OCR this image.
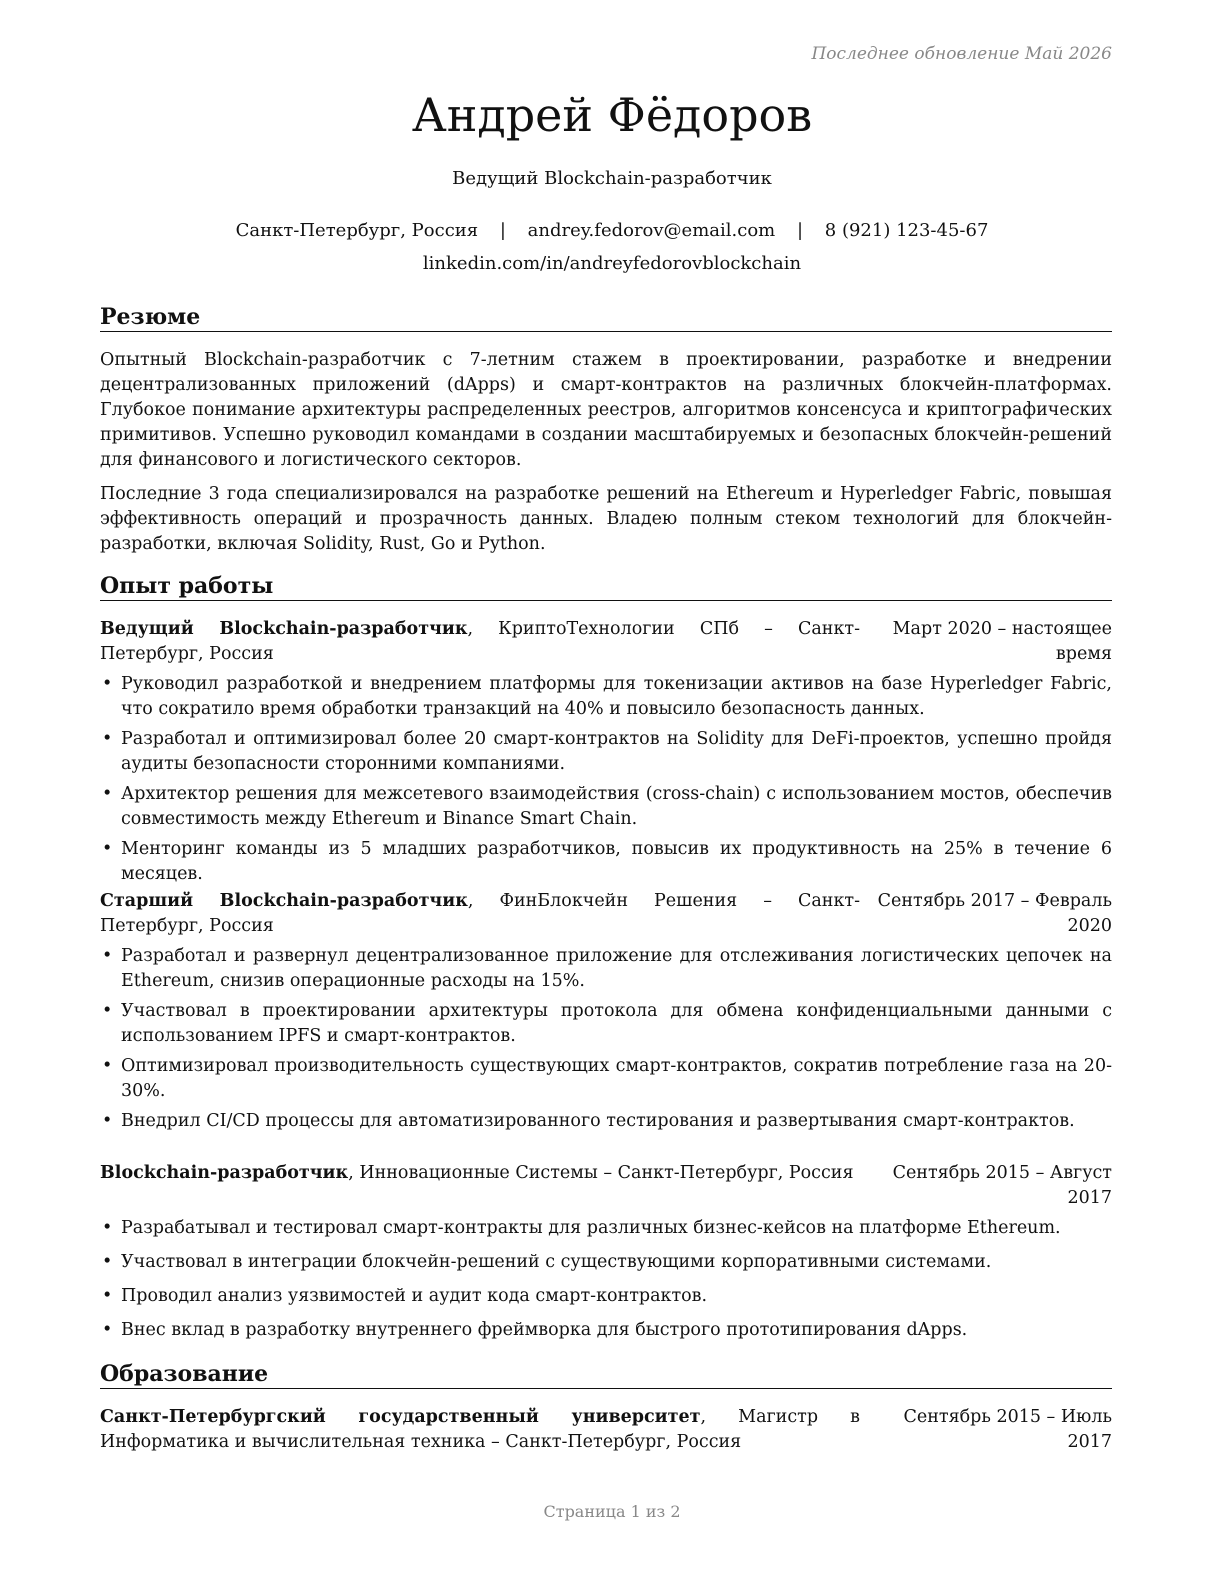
Последнее обновление Май 2026
Андрей Фёдоров
Ведущий Blockchain-разработчик
Санкт-Петербург, Россия | andrey.fedorov@email.com | 8 (921) 123-45-67
linkedin.com/in/andreyfedorovblockchain
Резюме

Опытный Blockchain-разработчик с 7-летним стажем в проектировании, разработке и внедрении децентрализованных приложений (dApps) и смарт-контрактов на различных блокчейн-платформах. Глубокое понимание архитектуры распределенных реестров, алгоритмов консенсуса и криптографических примитивов. Успешно руководил командами в создании масштабируемых и безопасных блокчейн-решений для финансового и логистического секторов.

Последние 3 года специализировался на разработке решений на Ethereum и Hyperledger Fabric, повышая эффективность операций и прозрачность данных. Владею полным стеком технологий для блокчейн-разработки, включая Solidity, Rust, Go и Python.

Опыт работы
Ведущий Blockchain-разработчик, КриптоТехнологии СПб – Санкт-Петербург, Россия
Март 2020 – настоящее время
• Руководил разработкой и внедрением платформы для токенизации активов на базе Hyperledger Fabric, что сократило время обработки транзакций на 40% и повысило безопасность данных.
• Разработал и оптимизировал более 20 смарт-контрактов на Solidity для DeFi-проектов, успешно пройдя аудиты безопасности сторонними компаниями.
• Архитектор решения для межсетевого взаимодействия (cross-chain) с использованием мостов, обеспечив совместимость между Ethereum и Binance Smart Chain.
• Менторинг команды из 5 младших разработчиков, повысив их продуктивность на 25% в течение 6 месяцев.
Старший Blockchain-разработчик, ФинБлокчейн Решения – Санкт-Петербург, Россия
Сентябрь 2017 – Февраль 2020
• Разработал и развернул децентрализованное приложение для отслеживания логистических цепочек на Ethereum, снизив операционные расходы на 15%.
• Участвовал в проектировании архитектуры протокола для обмена конфиденциальными данными с использованием IPFS и смарт-контрактов.
• Оптимизировал производительность существующих смарт-контрактов, сократив потребление газа на 20-30%.
• Внедрил CI/CD процессы для автоматизированного тестирования и развертывания смарт-контрактов.
Blockchain-разработчик, Инновационные Системы – Санкт-Петербург, Россия	Сентябрь 2015 – Август 2017
• Разрабатывал и тестировал смарт-контракты для различных бизнес-кейсов на платформе Ethereum.
• Участвовал в интеграции блокчейн-решений с существующими корпоративными системами.
• Проводил анализ уязвимостей и аудит кода смарт-контрактов.
• Внес вклад в разработку внутреннего фреймворка для быстрого прототипирования dApps.
Образование
Санкт-Петербургский государственный университет, Магистр в Информатика и вычислительная техника – Санкт-Петербург, Россия
Сентябрь 2015 – Июль 2017
Страница 1 из 2
